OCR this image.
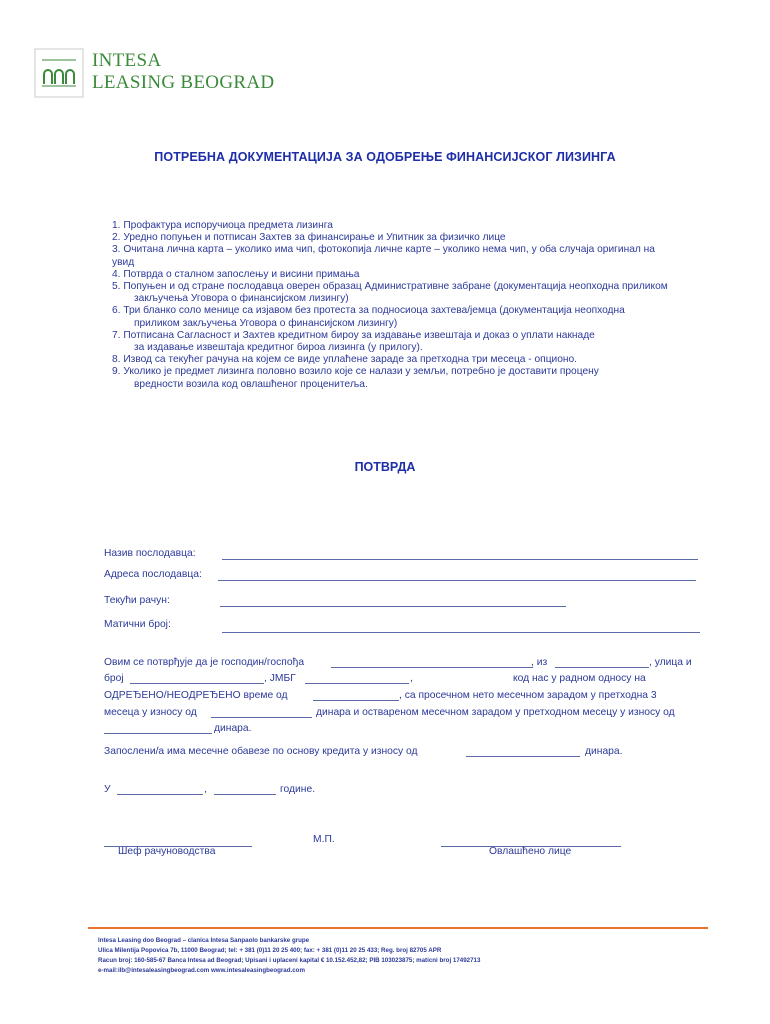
INTESA
LEASING BEOGRAD
ПОТРЕБНА ДОКУМЕНТАЦИЈА ЗА ОДОБРЕЊЕ ФИНАНСИЈСКОГ ЛИЗИНГА
1. Профактура испоручиоца предмета лизинга
2. Уредно попуњен и потписан Захтев за финансирање и Упитник за физичко лице
3. Очитана лична карта – уколико има чип, фотокопија личне карте – уколико нема чип, у оба случаја оригинал на
увид
4. Потврда о сталном запослењу и висини примања
5. Попуњен и од стране послодавца оверен образац Административне забране (документација неопходна приликом
закључења Уговора о финансијском лизингу)
6. Три бланко соло менице са изјавом без протеста за подносиоца захтева/јемца (документација неопходна
приликом закључења Уговора о финансијском лизингу)
7. Потписана Сагласност и Захтев кредитном бироу за издавање извештаја и доказ о уплати накнаде
за издавање извештаја кредитног бироа лизинга (у прилогу).
8. Извод са текућег рачуна на којем се виде уплаћене зараде за претходна три месеца - опционо.
9. Уколико је предмет лизинга половно возило које се налази у земљи, потребно је доставити процену
вредности возила код овлашћеног проценитеља.
ПОТВРДА
Назив послодавца:
Адреса послодавца:
Текући рачун:
Матични број:
Овим се потврђује да је господин/госпођа	, из	, улица и
број	, ЈМБГ	,	код нас у радном односу на
ОДРЕЂЕНО/НЕОДРЕЂЕНО време од	, са просечном нето месечном зарадом у претходна 3
месеца у износу од	динара и оствареном месечном зарадом у претходном месецу у износу од
динара.
Запослени/а има месечне обавезе по основу кредита у износу од	динара.
У	,	године.
Шеф рачуноводства
М.П.
Овлашћено лице
Intesa Leasing doo Beograd – clanica Intesa Sanpaolo bankarske grupe
Ulica Milentija Popovica 7b, 11000 Beograd; tel: + 381 (0)11 20 25 400; fax: + 381 (0)11 20 25 433; Reg. broj 82705 APR
Racun broj: 160-585-67 Banca Intesa ad Beograd; Upisani i uplaceni kapital € 10.152.452,82; PIB 103023875; maticni broj 17492713
e-mail:ilb@intesaleasingbeograd.com www.intesaleasingbeograd.com
